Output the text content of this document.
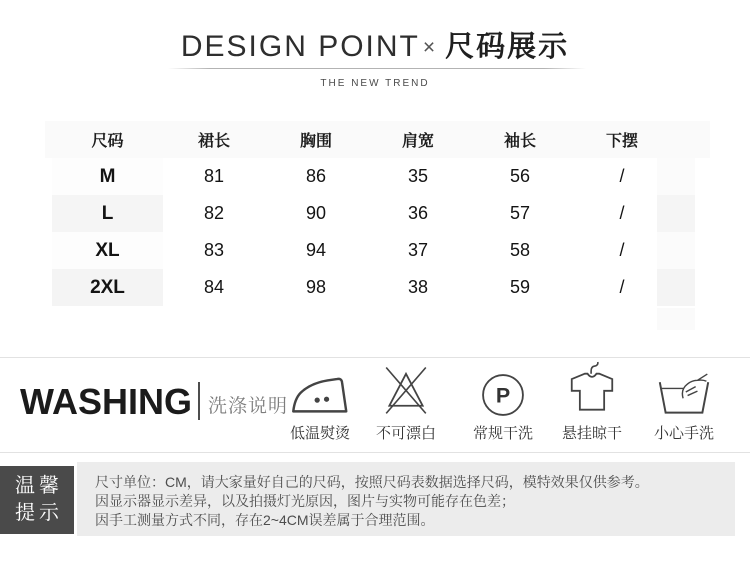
DESIGN POINT × 尺码展示
THE NEW TREND
尺码	裙长	胸围	肩宽	袖长	下摆
M	81	86	35	56	/
L	82	90	36	57	/
XL	83	94	37	58	/
2XL	84	98	38	59	/
WASHING 洗涤说明
低温熨烫 不可漂白
P
常规干洗 悬挂晾干 小心手洗
温馨
提示
尺寸单位：CM，请大家量好自己的尺码，按照尺码表数据选择尺码，模特效果仅供参考。
因显示器显示差异，以及拍摄灯光原因，图片与实物可能存在色差；
因手工测量方式不同，存在2~4CM误差属于合理范围。
